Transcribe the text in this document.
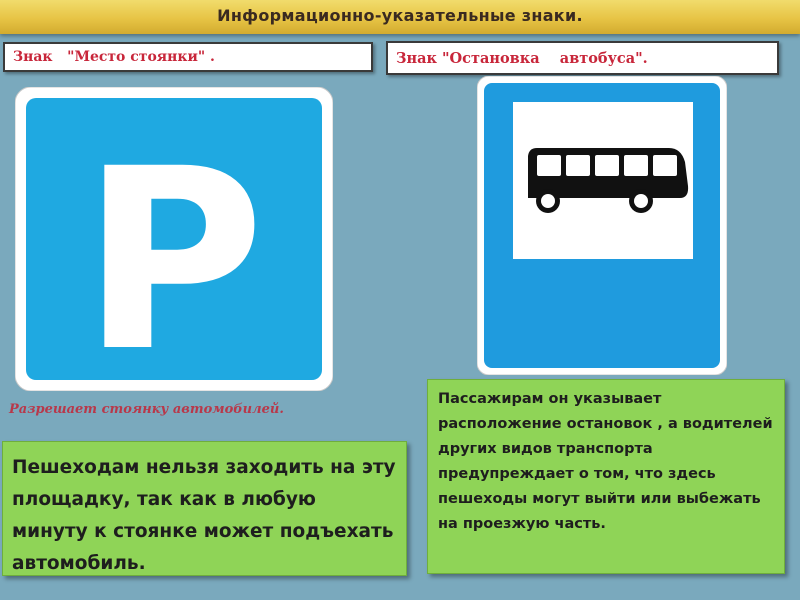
Информационно-указательные знаки.
Знак   "Место стоянки" .	Знак "Остановка    автобуса".
P
Разрешает стоянку автомобилей.
Пешеходам нельзя заходить на эту площадку, так как в любую минуту к стоянке может подъехать автомобиль.
Пассажирам он указывает расположение остановок , а водителей других видов транспорта предупреждает о том, что здесь пешеходы могут выйти или выбежать на проезжую часть.
